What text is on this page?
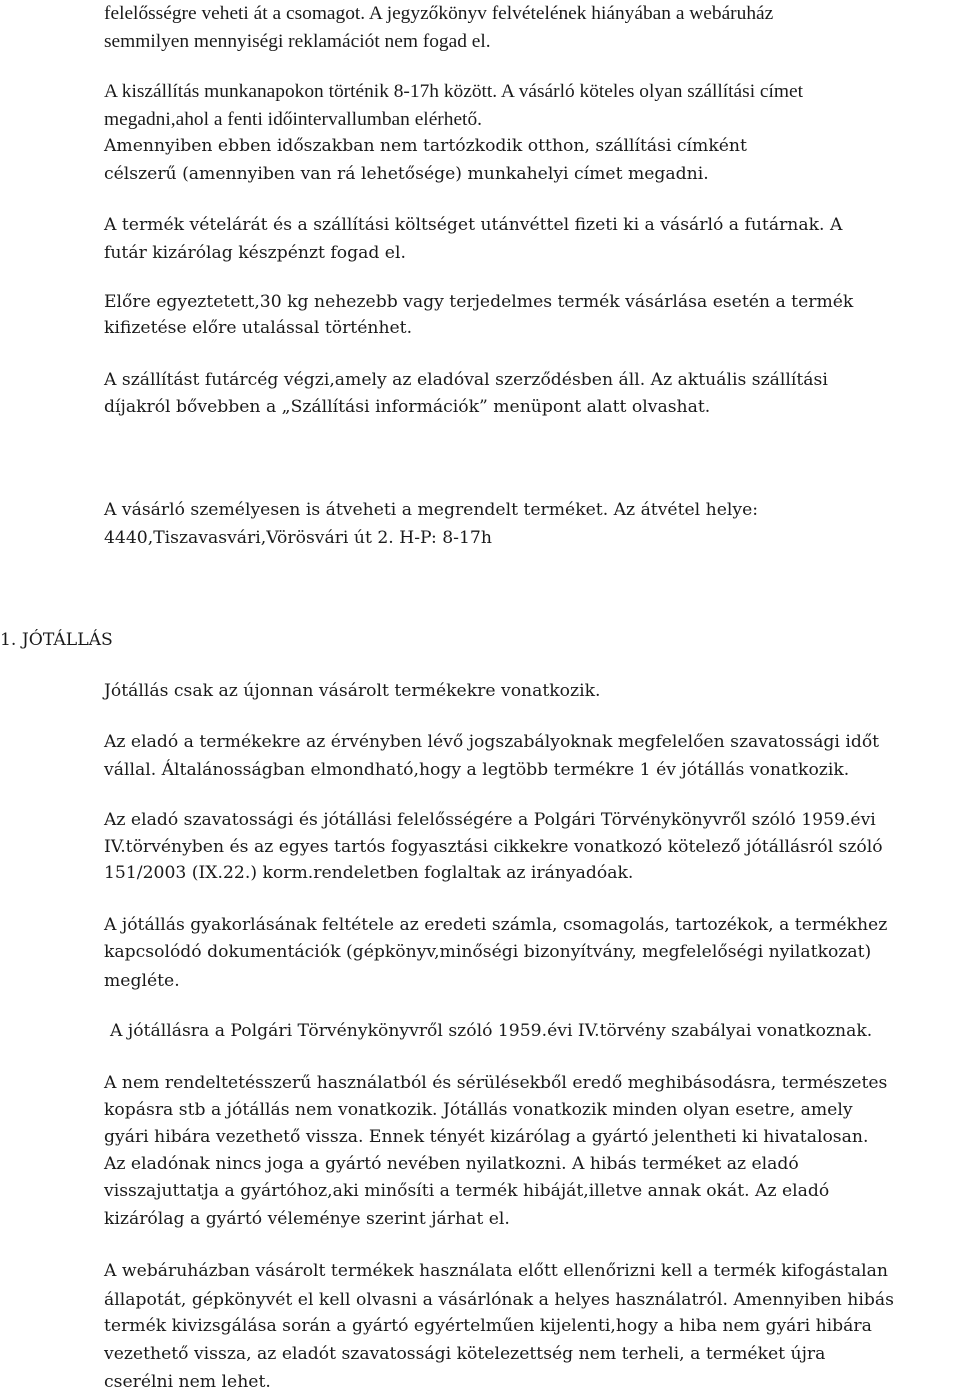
felelősségre veheti át a csomagot. A jegyzőkönyv felvételének hiányában a webáruház
semmilyen mennyiségi reklamációt nem fogad el.
A kiszállítás munkanapokon történik 8-17h között. A vásárló köteles olyan szállítási címet
megadni,ahol a fenti időintervallumban elérhető.
Amennyiben ebben időszakban nem tartózkodik otthon, szállítási címként
célszerű (amennyiben van rá lehetősége) munkahelyi címet megadni.
A termék vételárát és a szállítási költséget utánvéttel fizeti ki a vásárló a futárnak. A
futár kizárólag készpénzt fogad el.
Előre egyeztetett,30 kg nehezebb vagy terjedelmes termék vásárlása esetén a termék
kifizetése előre utalással történhet.
A szállítást futárcég végzi,amely az eladóval szerződésben áll. Az aktuális szállítási
díjakról bővebben a „Szállítási információk” menüpont alatt olvashat.
A vásárló személyesen is átveheti a megrendelt terméket. Az átvétel helye:
4440,Tiszavasvári,Vörösvári út 2. H-P: 8-17h
1. JÓTÁLLÁS
Jótállás csak az újonnan vásárolt termékekre vonatkozik.
Az eladó a termékekre az érvényben lévő jogszabályoknak megfelelően szavatossági időt
vállal. Általánosságban elmondható,hogy a legtöbb termékre 1 év jótállás vonatkozik.
Az eladó szavatossági és jótállási felelősségére a Polgári Törvénykönyvről szóló 1959.évi
IV.törvényben és az egyes tartós fogyasztási cikkekre vonatkozó kötelező jótállásról szóló
151/2003 (IX.22.) korm.rendeletben foglaltak az irányadóak.
A jótállás gyakorlásának feltétele az eredeti számla, csomagolás, tartozékok, a termékhez
kapcsolódó dokumentációk (gépkönyv,minőségi bizonyítvány, megfelelőségi nyilatkozat)
megléte.
A jótállásra a Polgári Törvénykönyvről szóló 1959.évi IV.törvény szabályai vonatkoznak.
A nem rendeltetésszerű használatból és sérülésekből eredő meghibásodásra, természetes
kopásra stb a jótállás nem vonatkozik. Jótállás vonatkozik minden olyan esetre, amely
gyári hibára vezethető vissza. Ennek tényét kizárólag a gyártó jelentheti ki hivatalosan.
Az eladónak nincs joga a gyártó nevében nyilatkozni. A hibás terméket az eladó
visszajuttatja a gyártóhoz,aki minősíti a termék hibáját,illetve annak okát. Az eladó
kizárólag a gyártó véleménye szerint járhat el.
A webáruházban vásárolt termékek használata előtt ellenőrizni kell a termék kifogástalan
állapotát, gépkönyvét el kell olvasni a vásárlónak a helyes használatról. Amennyiben hibás
termék kivizsgálása során a gyártó egyértelműen kijelenti,hogy a hiba nem gyári hibára
vezethető vissza, az eladót szavatossági kötelezettség nem terheli, a terméket újra
cserélni nem lehet.
